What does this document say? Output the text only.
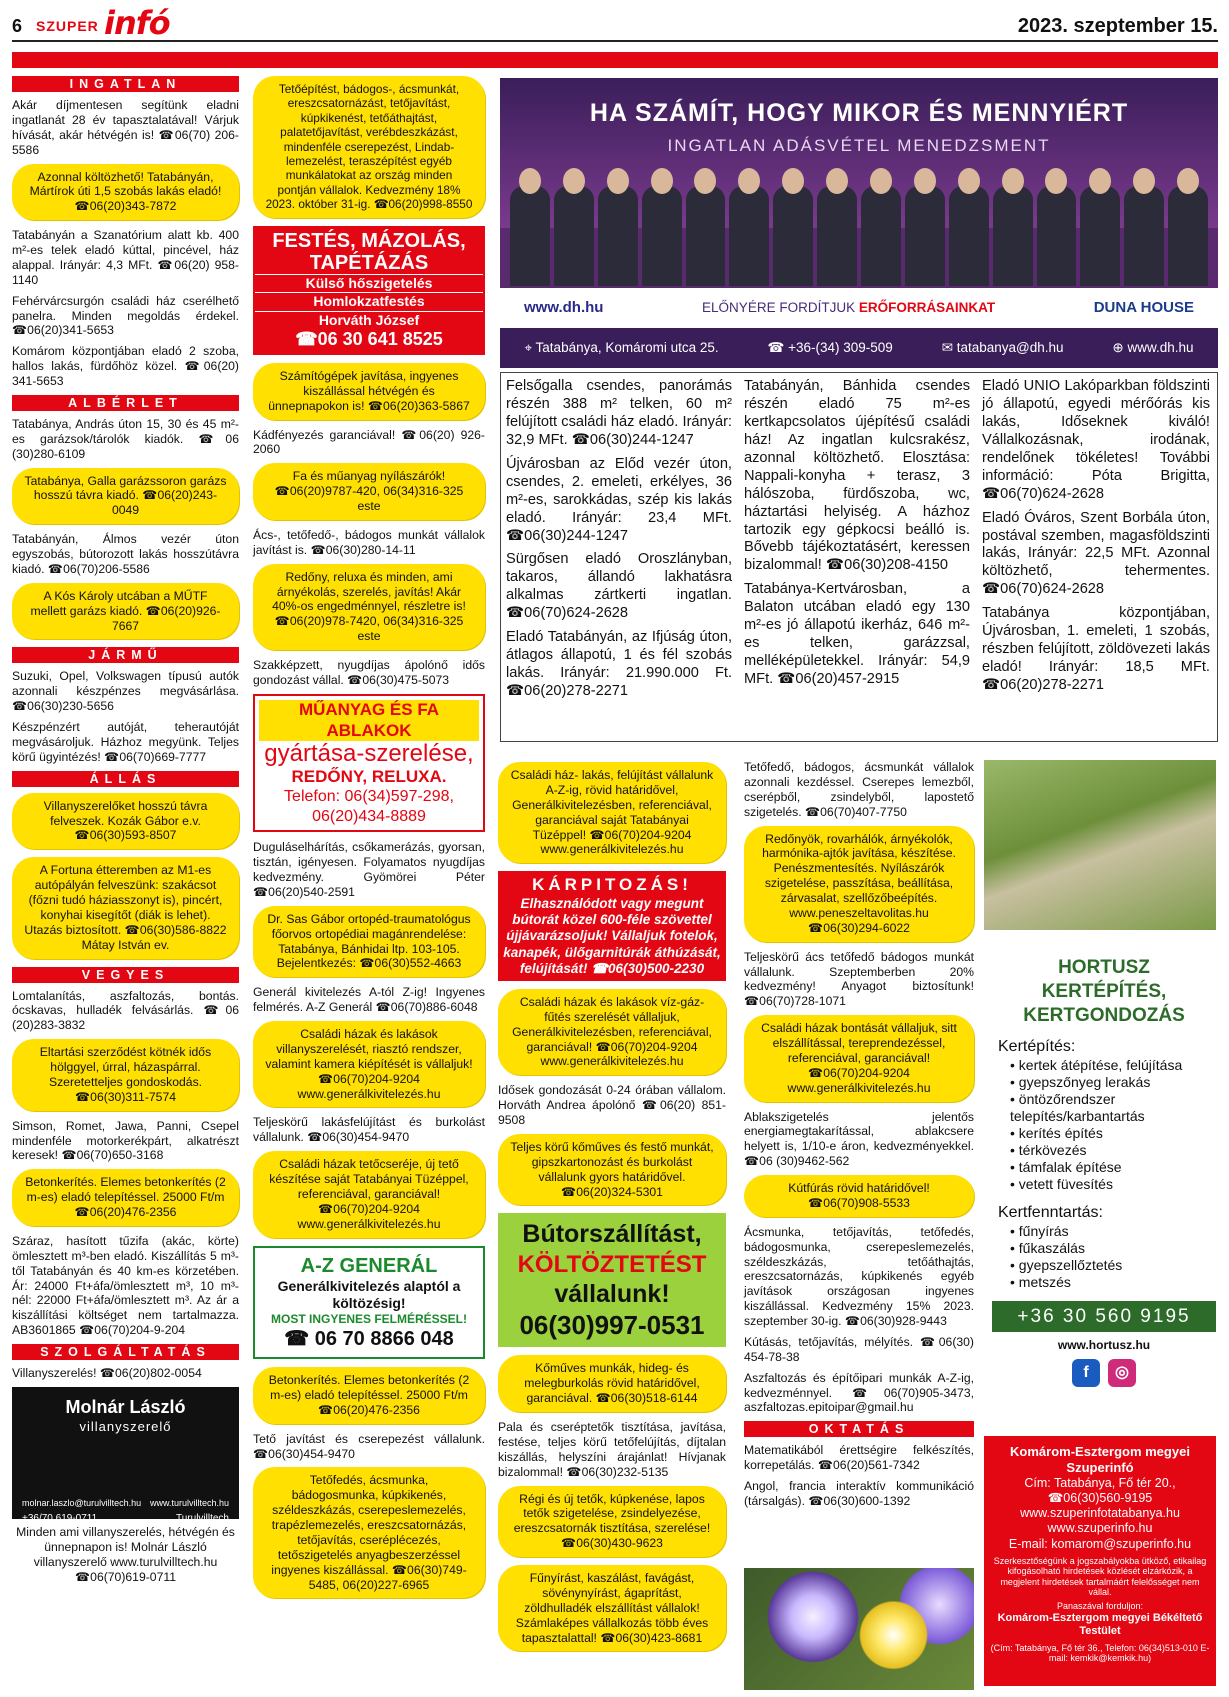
6 SZUPER infó	2023. szeptember 15.
INGATLAN
Akár díjmentesen segítünk eladni ingatlanát 28 év tapasztalatával! Várjuk hívását, akár hétvégén is! ☎06(70) 206-5586
Azonnal költözhető! Tatabányán, Mártírok úti 1,5 szobás lakás eladó! ☎06(20)343-7872
Tatabányán a Szanatórium alatt kb. 400 m²-es telek eladó kúttal, pincével, ház alappal. Irányár: 4,3 MFt. ☎06(20) 958-1140
Fehérvárcsurgón családi ház cserélhető panelra. Minden megoldás érdekel. ☎06(20)341-5653
Komárom központjában eladó 2 szoba, hallos lakás, fürdőhöz közel. ☎06(20) 341-5653
ALBÉRLET
Tatabánya, András úton 15, 30 és 45 m²-es garázsok/tárolók kiadók. ☎06 (30)280-6109
Tatabánya, Galla garázssoron garázs hosszú távra kiadó. ☎06(20)243-0049
Tatabányán, Álmos vezér úton egyszobás, bútorozott lakás hosszútávra kiadó. ☎06(70)206-5586
A Kós Károly utcában a MŰTF mellett garázs kiadó. ☎06(20)926-7667
JÁRMŰ
Suzuki, Opel, Volkswagen típusú autók azonnali készpénzes megvásárlása. ☎06(30)230-5656
Készpénzért autóját, teherautóját megvásároljuk. Házhoz megyünk. Teljes körű ügyintézés! ☎06(70)669-7777
ÁLLÁS
Villanyszerelőket hosszú távra felveszek. Kozák Gábor e.v. ☎06(30)593-8507
A Fortuna étteremben az M1-es autópályán felveszünk: szakácsot (főzni tudó háziasszonyt is), pincért, konyhai kisegítőt (diák is lehet). Utazás biztosított. ☎06(30)586-8822 Mátay István ev.
VEGYES
Lomtalanítás, aszfaltozás, bontás. ócskavas, hulladék felvásárlás. ☎06 (20)283-3832
Eltartási szerződést kötnék idős hölggyel, úrral, házaspárral. Szeretetteljes gondoskodás. ☎06(30)311-7574
Simson, Romet, Jawa, Panni, Csepel mindenféle motorkerékpárt, alkatrészt keresek! ☎06(70)650-3168
Betonkerítés. Elemes betonkerítés (2 m-es) eladó telepítéssel. 25000 Ft/m ☎06(20)476-2356
Száraz, hasított tűzifa (akác, körte) ömlesztett m³-ben eladó. Kiszállítás 5 m³-től Tatabányán és 40 km-es körzetében. Ár: 24000 Ft+áfa/ömlesztett m³, 10 m³-nél: 22000 Ft+áfa/ömlesztett m³. Az ár a kiszállítási költséget nem tartalmazza. AB3601865 ☎06(70)204-9-204
SZOLGÁLTATÁS
Villanyszerelés! ☎06(20)802-0054
Molnár László
villanyszerelő
molnar.laszlo@turulvilltech.hu www.turulvilltech.hu
+36/70 619-0711	Turulvilltech
Minden ami villanyszerelés, hétvégén és ünnepnapon is! Molnár László villanyszerelő www.turulvilltech.hu ☎06(70)619-0711
Tetőépítést, bádogos-, ácsmunkát, ereszcsatornázást, tetőjavítást, kúpkikenést, tetőáthajtást, palatetőjavítást, verébdeszkázást, mindenféle cserepezést, Lindab-lemezelést, teraszépítést egyéb munkálatokat az ország minden pontján vállalok. Kedvezmény 18% 2023. október 31-ig. ☎06(20)998-8550
FESTÉS, MÁZOLÁS, TAPÉTÁZÁS
Külső hőszigetelés
Homlokzatfestés
Horváth József
☎06 30 641 8525
Számítógépek javítása, ingyenes kiszállással hétvégén és ünnepnapokon is! ☎06(20)363-5867
Kádfényezés garanciával! ☎06(20) 926-2060
Fa és műanyag nyílászárók! ☎06(20)9787-420, 06(34)316-325 este
Ács-, tetőfedő-, bádogos munkát vállalok javítást is. ☎06(30)280-14-11
Redőny, reluxa és minden, ami árnyékolás, szerelés, javítás! Akár 40%-os engedménnyel, részletre is! ☎06(20)978-7420, 06(34)316-325 este
Szakképzett, nyugdíjas ápolónő idős gondozást vállal. ☎06(30)475-5073
MŰANYAG ÉS FA ABLAKOK
gyártása-szerelése,
REDŐNY, RELUXA.
Telefon: 06(34)597-298, 06(20)434-8889
Duguláselhárítás, csőkamerázás, gyorsan, tisztán, igényesen. Folyamatos nyugdíjas kedvezmény. Gyömörei Péter ☎06(20)540-2591
Dr. Sas Gábor ortopéd-traumatológus főorvos ortopédiai magánrendelése: Tatabánya, Bánhidai ltp. 103-105. Bejelentkezés: ☎06(30)552-4663
Generál kivitelezés A-tól Z-ig! Ingyenes felmérés. A-Z Generál ☎06(70)886-6048
Családi házak és lakások villanyszerelését, riasztó rendszer, valamint kamera kiépítését is vállaljuk! ☎06(70)204-9204 www.generálkivitelezés.hu
Teljeskörű lakásfelújítást és burkolást vállalunk. ☎06(30)454-9470
Családi házak tetőcseréje, új tető készítése saját Tatabányai Tüzéppel, referenciával, garanciával! ☎06(70)204-9204 www.generálkivitelezés.hu
A-Z GENERÁL
Generálkivitelezés alaptól a költözésig!
MOST INGYENES FELMÉRÉSSEL!
☎ 06 70 8866 048
Betonkerítés. Elemes betonkerítés (2 m-es) eladó telepítéssel. 25000 Ft/m ☎06(20)476-2356
Tető javítást és cserepezést vállalunk. ☎06(30)454-9470
Tetőfedés, ácsmunka, bádogosmunka, kúpkikenés, széldeszkázás, cserepeslemezelés, trapézlemezelés, ereszcsatornázás, tetőjavítás, cseréplécezés, tetőszigetelés anyagbeszerzéssel ingyenes kiszállással. ☎06(30)749-5485, 06(20)227-6965
HA SZÁMÍT, HOGY MIKOR ÉS MENNYIÉRT
INGATLAN ADÁSVÉTEL MENEDZSMENT
www.dh.hu	ELŐNYÉRE FORDÍTJUK ERŐFORRÁSAINKAT	DUNA HOUSE
⌖ Tatabánya, Komáromi utca 25.	☎ +36-(34) 309-509	✉ tatabanya@dh.hu	⊕ www.dh.hu
Felsőgalla csendes, panorámás részén 388 m² telken, 60 m² felújított családi ház eladó. Irányár: 32,9 MFt. ☎06(30)244-1247
Újvárosban az Előd vezér úton, csendes, 2. emeleti, erkélyes, 36 m²-es, sarokkádas, szép kis lakás eladó. Irányár: 23,4 MFt. ☎06(30)244-1247
Sürgősen eladó Oroszlányban, takaros, állandó lakhatásra alkalmas zártkerti ingatlan. ☎06(70)624-2628
Eladó Tatabányán, az Ifjúság úton, átlagos állapotú, 1 és fél szobás lakás. Irányár: 21.990.000 Ft. ☎06(20)278-2271
Tatabányán, Bánhida csendes részén eladó 75 m²-es kertkapcsolatos újépítésű családi ház! Az ingatlan kulcsrakész, azonnal költözhető. Elosztása: Nappali-konyha + terasz, 3 hálószoba, fürdőszoba, wc, háztartási helyiség. A házhoz tartozik egy gépkocsi beálló is. Bővebb tájékoztatásért, keressen bizalommal! ☎06(30)208-4150
Tatabánya-Kertvárosban, a Balaton utcában eladó egy 130 m²-es jó állapotú ikerház, 646 m²-es telken, garázzsal, melléképületekkel. Irányár: 54,9 MFt. ☎06(20)457-2915
Eladó UNIO Lakóparkban földszinti jó állapotú, egyedi mérőórás kis lakás, Időseknek kiváló! Vállalkozásnak, irodának, rendelőnek tökéletes! További információ: Póta Brigitta, ☎06(70)624-2628
Eladó Óváros, Szent Borbála úton, postával szemben, magasföldszinti lakás, Irányár: 22,5 MFt. Azonnal költözhető, tehermentes. ☎06(70)624-2628
Tatabánya központjában, Újvárosban, 1. emeleti, 1 szobás, részben felújított, zöldövezeti lakás eladó! Irányár: 18,5 MFt. ☎06(20)278-2271
Családi ház- lakás, felújítást vállalunk A-Z-ig, rövid határidővel, Generálkivitelezésben, referenciával, garanciával saját Tatabányai Tüzéppel! ☎06(70)204-9204 www.generálkivitelezés.hu
KÁRPITOZÁS!
Elhasználódott vagy megunt bútorát közel 600-féle szövettel újjávarázsoljuk! Vállaljuk fotelok, kanapék, ülőgarnitúrák áthúzását, felújítását! ☎06(30)500-2230
Családi házak és lakások víz-gáz-fűtés szerelését vállaljuk, Generálkivitelezésben, referenciával, garanciával! ☎06(70)204-9204 www.generálkivitelezés.hu
Idősek gondozását 0-24 órában vállalom. Horváth Andrea ápolónő ☎06(20) 851-9508
Teljes körű kőműves és festő munkát, gipszkartonozást és burkolást vállalunk gyors határidővel. ☎06(20)324-5301
Bútorszállítást,
KÖLTÖZTETÉST
vállalunk!
06(30)997-0531
Kőműves munkák, hideg- és melegburkolás rövid határidővel, garanciával. ☎06(30)518-6144
Pala és cseréptetők tisztítása, javítása, festése, teljes körű tetőfelújítás, díjtalan kiszállás, helyszíni árajánlat! Hívjanak bizalommal! ☎06(30)232-5135
Régi és új tetők, kúpkenése, lapos tetők szigetelése, zsindelyezése, ereszcsatornák tisztítása, szerelése! ☎06(30)430-9623
Fűnyírást, kaszálást, favágást, sövénynyírást, ágaprítást, zöldhulladék elszállítást vállalok! Számlaképes vállalkozás több éves tapasztalattal! ☎06(30)423-8681
Tetőfedő, bádogos, ácsmunkát vállalok azonnali kezdéssel. Cserepes lemezből, cserépből, zsindelyből, lapostető szigetelés. ☎06(70)407-7750
Redőnyök, rovarhálók, árnyékolók, harmónika-ajtók javítása, készítése. Penészmentesítés. Nyílászárók szigetelése, passzítása, beállítása, zárvasalat, szellőzőbeépítés. www.peneszeltavolitas.hu ☎06(30)294-6022
Teljeskörű ács tetőfedő bádogos munkát vállalunk. Szeptemberben 20% kedvezmény! Anyagot biztosítunk! ☎06(70)728-1071
Családi házak bontását vállaljuk, sitt elszállítással, tereprendezéssel, referenciával, garanciával! ☎06(70)204-9204 www.generálkivitelezés.hu
Ablakszigetelés jelentős energiamegtakarítással, ablakcsere helyett is, 1/10-e áron, kedvezményekkel. ☎06 (30)9462-562
Kútfúrás rövid határidővel! ☎06(70)908-5533
Ácsmunka, tetőjavítás, tetőfedés, bádogosmunka, cserepeslemezelés, széldeszkázás, tetőáthajtás, ereszcsatornázás, kúpkikenés egyéb javítások országosan ingyenes kiszállással. Kedvezmény 15% 2023. szeptember 30-ig. ☎06(30)928-9443
Kútásás, tetőjavítás, mélyítés. ☎06(30) 454-78-38
Aszfaltozás és építőipari munkák A-Z-ig, kedvezménnyel. ☎06(70)905-3473, aszfaltozas.epitoipar@gmail.hu
OKTATÁS
Matematikából érettségire felkészítés, korrepetálás. ☎06(20)561-7342
Angol, francia interaktív kommunikáció (társalgás). ☎06(30)600-1392
HORTUSZ KERTÉPÍTÉS, KERTGONDOZÁS
Kertépítés:
• kertek átépítése, felújítása
• gyepszőnyeg lerakás
• öntözőrendszer telepítés/karbantartás
• kerítés építés
• térkövezés
• támfalak építése
• vetett füvesítés
Kertfenntartás:
• fűnyírás
• fűkaszálás
• gyepszellőztetés
• metszés
+36 30 560 9195
www.hortusz.hu
f	◎
Komárom-Esztergom megyei Szuperinfó
Cím: Tatabánya, Fő tér 20.,
☎06(30)560-9195
www.szuperinfotatabanya.hu
www.szuperinfo.hu
E-mail: komarom@szuperinfo.hu
Szerkesztőségünk a jogszabályokba ütköző, etikailag kifogásolható hirdetések közlését elzárkózik, a megjelent hirdetések tartalmáért felelősséget nem vállal.
Panaszával forduljon:
Komárom-Esztergom megyei Békéltető Testület
(Cím: Tatabánya, Fő tér 36., Telefon: 06(34)513-010 E-mail: kemkik@kemkik.hu)
